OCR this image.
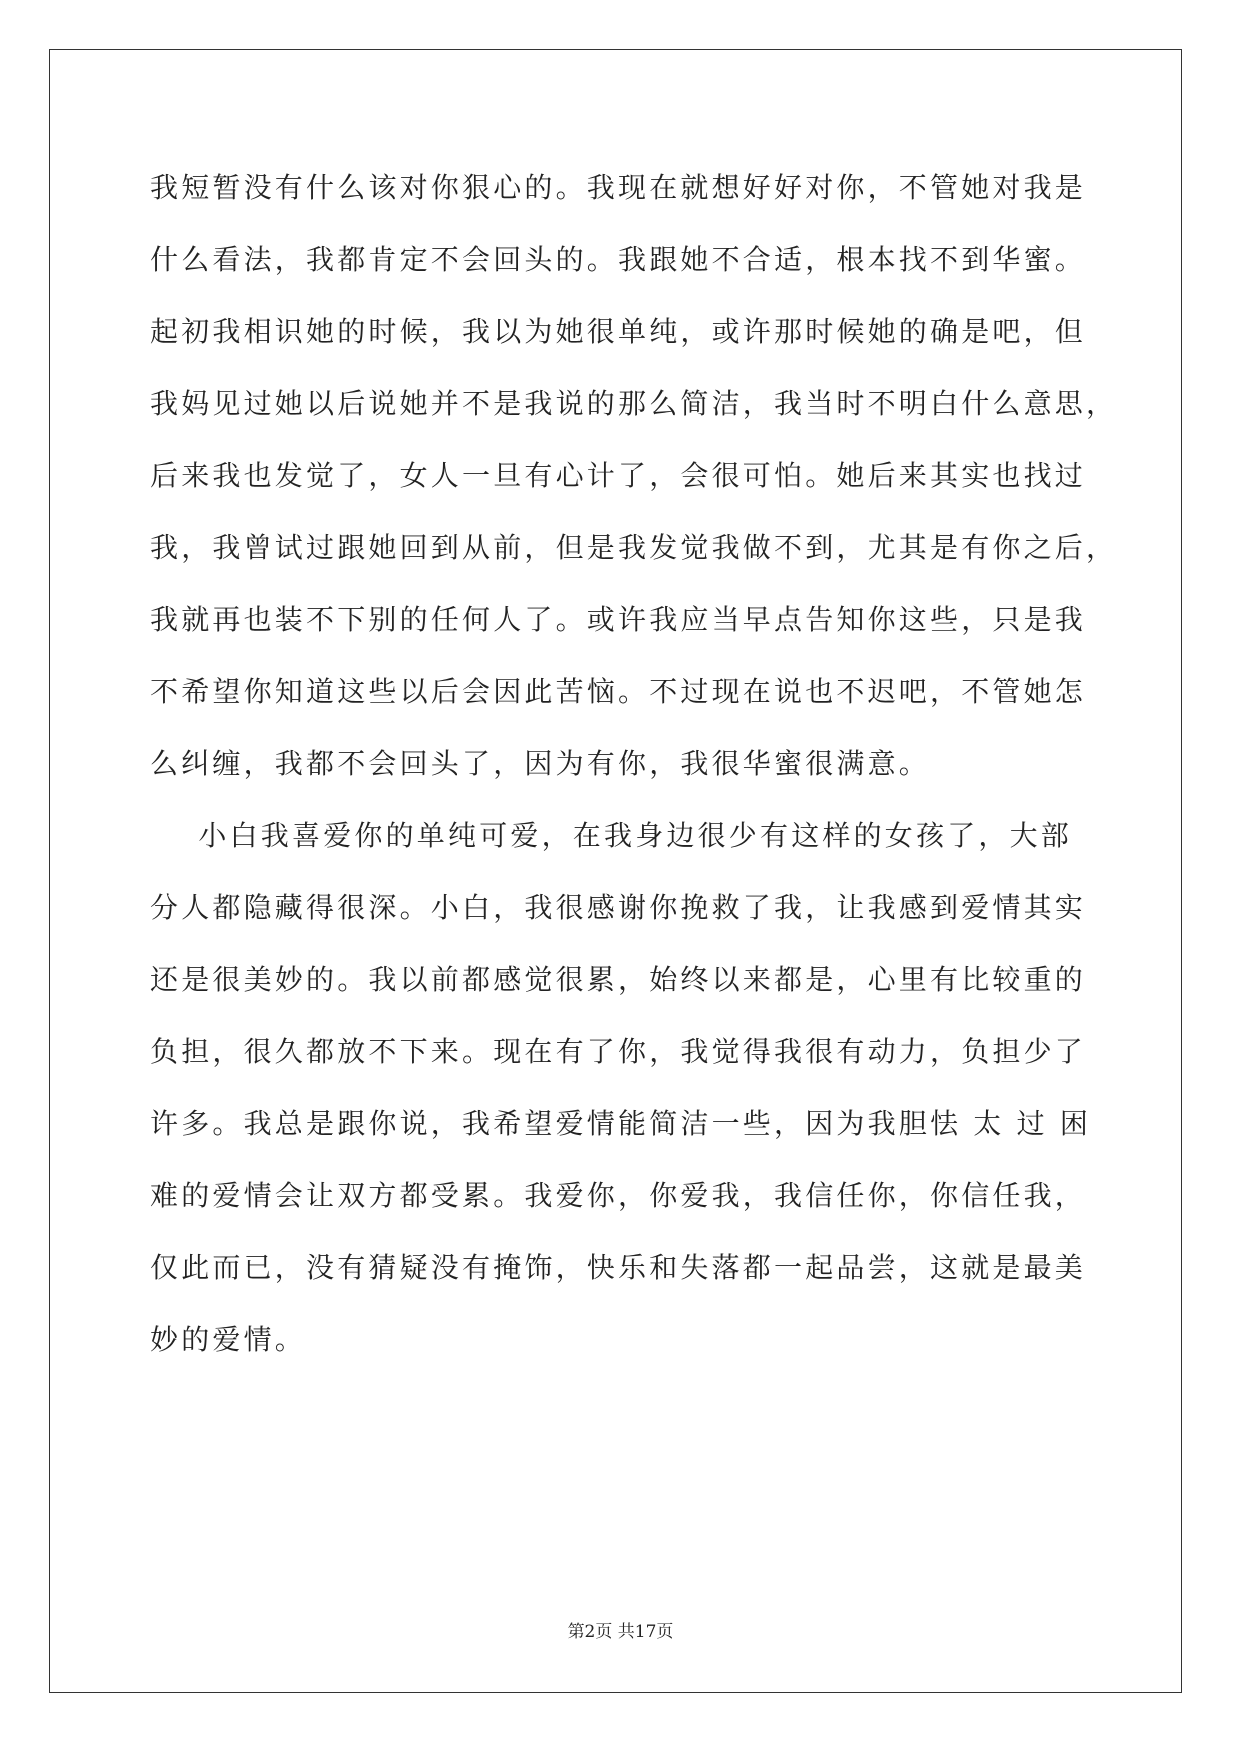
我短暂没有什么该对你狠心的。我现在就想好好对你，不管她对我是
什么看法，我都肯定不会回头的。我跟她不合适，根本找不到华蜜。
起初我相识她的时候，我以为她很单纯，或许那时候她的确是吧，但
我妈见过她以后说她并不是我说的那么简洁，我当时不明白什么意思，
后来我也发觉了，女人一旦有心计了，会很可怕。她后来其实也找过
我，我曾试过跟她回到从前，但是我发觉我做不到，尤其是有你之后，
我就再也装不下别的任何人了。或许我应当早点告知你这些，只是我
不希望你知道这些以后会因此苦恼。不过现在说也不迟吧，不管她怎
么纠缠，我都不会回头了，因为有你，我很华蜜很满意。
小白我喜爱你的单纯可爱，在我身边很少有这样的女孩了，大部
分人都隐藏得很深。小白，我很感谢你挽救了我，让我感到爱情其实
还是很美妙的。我以前都感觉很累，始终以来都是，心里有比较重的
负担，很久都放不下来。现在有了你，我觉得我很有动力，负担少了
许多。我总是跟你说，我希望爱情能简洁一些，因为我胆怯 太 过 困
难的爱情会让双方都受累。我爱你，你爱我，我信任你，你信任我，
仅此而已，没有猜疑没有掩饰，快乐和失落都一起品尝，这就是最美
妙的爱情。
第2页 共17页
